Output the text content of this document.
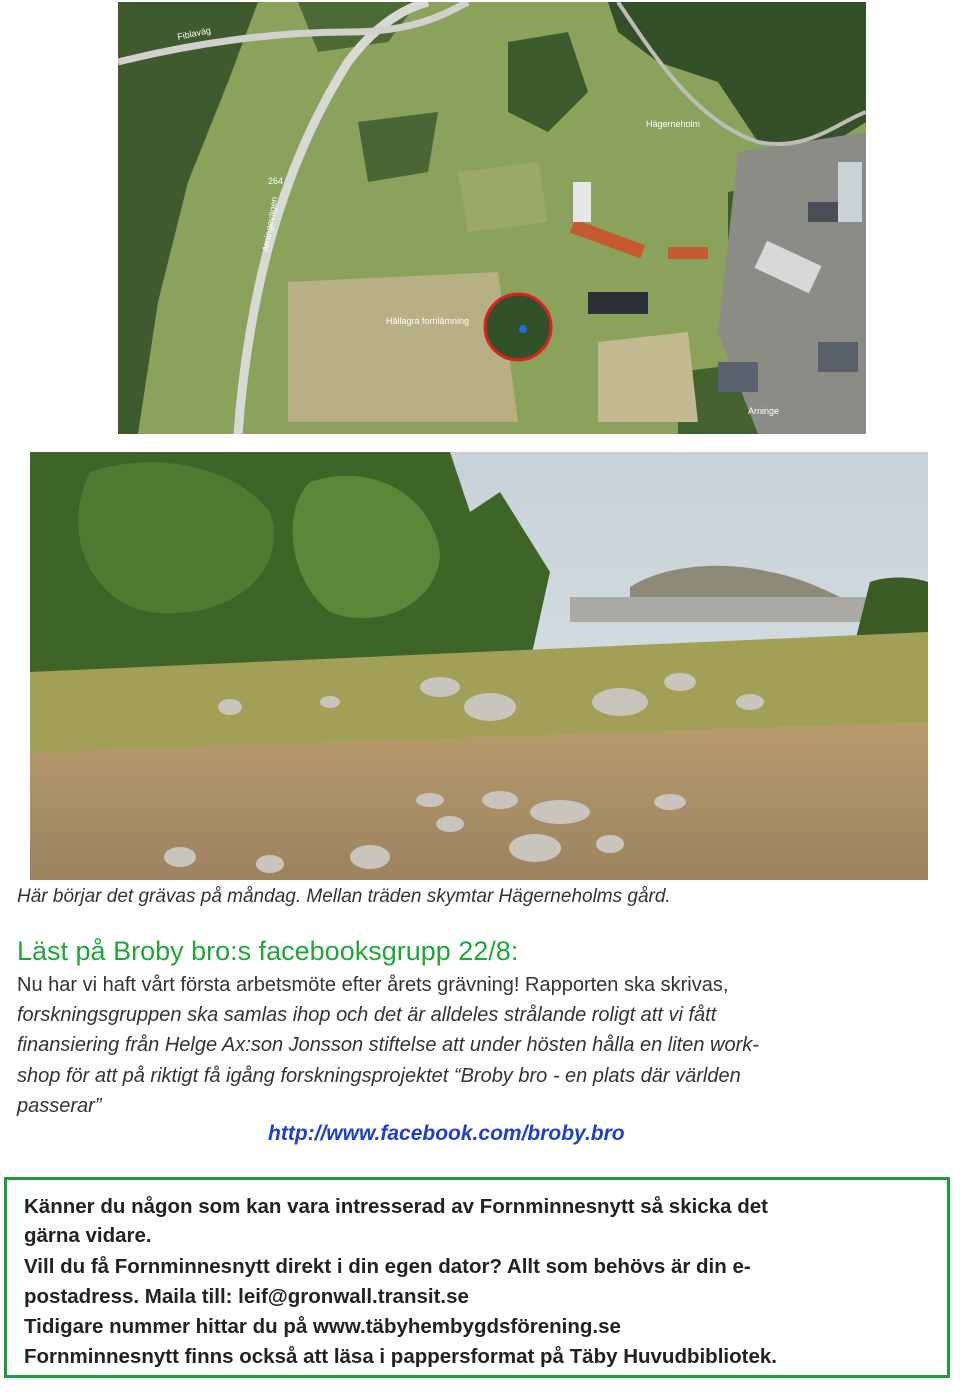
Hägerneholm
Arninge
264
Hällagra fornlämning
Arningevägen
Fiblaväg
Här börjar det grävas på måndag. Mellan träden skymtar Hägerneholms gård.
Läst på Broby bro:s facebooksgrupp 22/8:
Nu har vi haft vårt första arbetsmöte efter årets grävning! Rapporten ska skrivas,
forskningsgruppen ska samlas ihop och det är alldeles strålande roligt att vi fått
finansiering från Helge Ax:son Jonsson stiftelse att under hösten hålla en liten work-
shop för att på riktigt få igång forskningsprojektet “Broby bro - en plats där världen
passerar”
http://www.facebook.com/broby.bro

Känner du någon som kan vara intresserad av Fornminnesnytt så skicka det

gärna vidare.

Vill du få Fornminnesnytt direkt i din egen dator? Allt som behövs är din e-

postadress. Maila till: leif@gronwall.transit.se

Tidigare nummer hittar du på www.täbyhembygdsförening.se

Fornminnesnytt finns också att läsa i pappersformat på Täby Huvudbibliotek.
